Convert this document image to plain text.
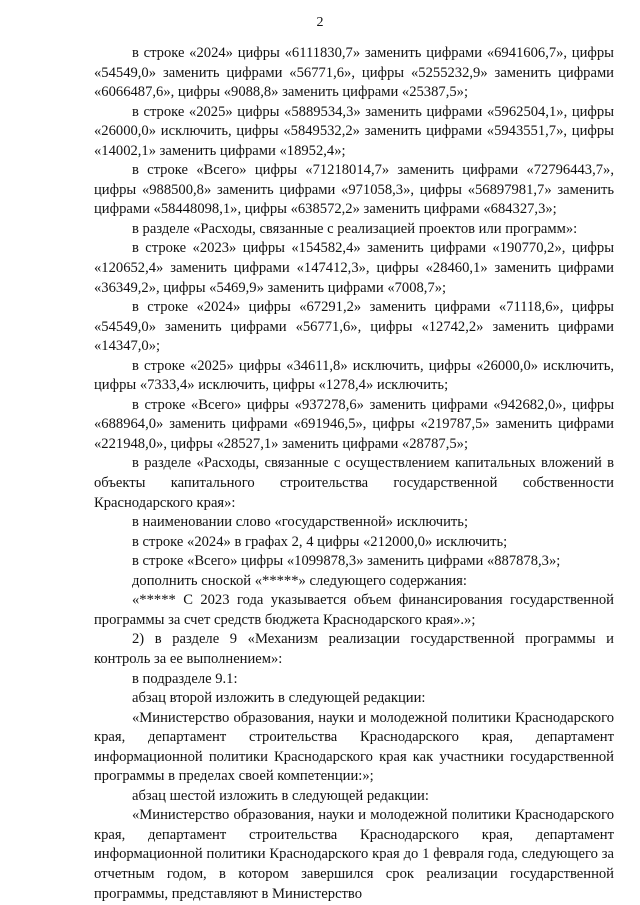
2

в строке «2024» цифры «6111830,7» заменить цифрами «6941606,7», цифры «54549,0» заменить цифрами «56771,6», цифры «5255232,9» заменить цифрами «6066487,6», цифры «9088,8» заменить цифрами «25387,5»;

в строке «2025» цифры «5889534,3» заменить цифрами «5962504,1», цифры «26000,0» исключить, цифры «5849532,2» заменить цифрами «5943551,7», цифры «14002,1» заменить цифрами «18952,4»;

в строке «Всего» цифры «71218014,7» заменить цифрами «72796443,7», цифры «988500,8» заменить цифрами «971058,3», цифры «56897981,7» заменить цифрами «58448098,1», цифры «638572,2» заменить цифрами «684327,3»;

в разделе «Расходы, связанные с реализацией проектов или программ»:

в строке «2023» цифры «154582,4» заменить цифрами «190770,2», цифры «120652,4» заменить цифрами «147412,3», цифры «28460,1» заменить цифрами «36349,2», цифры «5469,9» заменить цифрами «7008,7»;

в строке «2024» цифры «67291,2» заменить цифрами «71118,6», цифры «54549,0» заменить цифрами «56771,6», цифры «12742,2» заменить цифрами «14347,0»;

в строке «2025» цифры «34611,8» исключить, цифры «26000,0» исключить, цифры «7333,4» исключить, цифры «1278,4» исключить;

в строке «Всего» цифры «937278,6» заменить цифрами «942682,0», цифры «688964,0» заменить цифрами «691946,5», цифры «219787,5» заменить цифрами «221948,0», цифры «28527,1» заменить цифрами «28787,5»;

в разделе «Расходы, связанные с осуществлением капитальных вложений в объекты капитального строительства государственной собственности Краснодарского края»:

в наименовании слово «государственной» исключить;

в строке «2024» в графах 2, 4 цифры «212000,0» исключить;

в строке «Всего» цифры «1099878,3» заменить цифрами «887878,3»;

дополнить сноской «*****» следующего содержания:

«***** С 2023 года указывается объем финансирования государственной программы за счет средств бюджета Краснодарского края».»;

2) в разделе 9 «Механизм реализации государственной программы и контроль за ее выполнением»:

в подразделе 9.1:

абзац второй изложить в следующей редакции:

«Министерство образования, науки и молодежной политики Краснодарского края, департамент строительства Краснодарского края, департамент информационной политики Краснодарского края как участники государственной программы в пределах своей компетенции:»;

абзац шестой изложить в следующей редакции:

«Министерство образования, науки и молодежной политики Краснодарского края, департамент строительства Краснодарского края, департамент информационной политики Краснодарского края до 1 февраля года, следующего за отчетным годом, в котором завершился срок реализации государственной программы, представляют в Министерство
